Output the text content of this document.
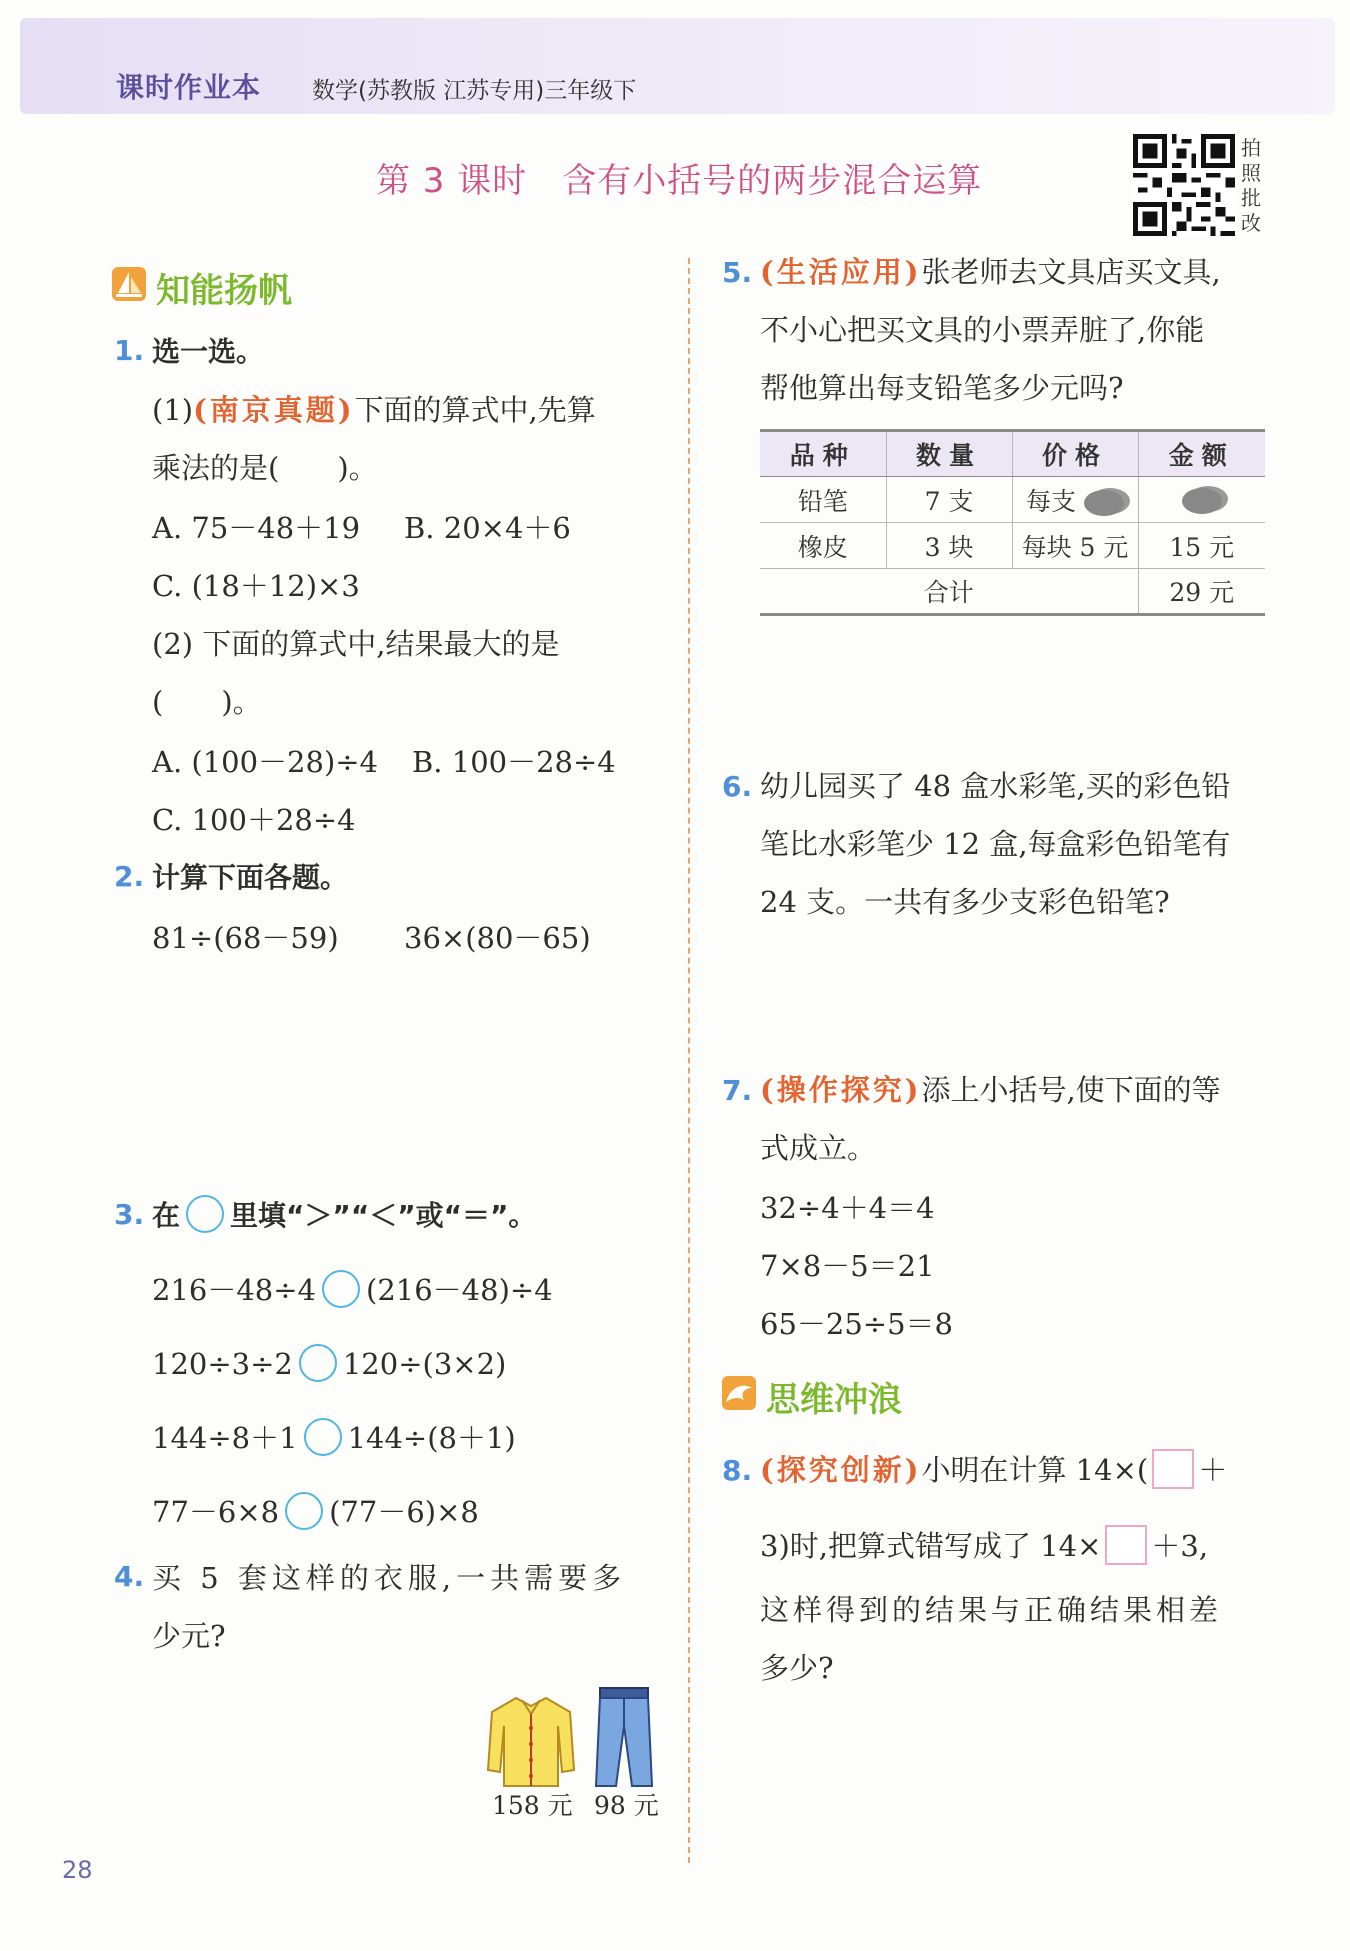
课时作业本 数学(苏教版 江苏专用)三年级下
第 3 课时　含有小括号的两步混合运算
拍
照
批
改
知能扬帆
1. 选一选。
(1)(南京真题)下面的算式中,先算
乘法的是(　　)。
A. 75－48＋19 B. 20×4＋6
C. (18＋12)×3
(2) 下面的算式中,结果最大的是
(　　)。
A. (100－28)÷4 B. 100－28÷4
C. 100＋28÷4
2. 计算下面各题。
81÷(68－59) 36×(80－65)
3. 在 里填“＞”“＜”或“＝”。
216－48÷4 (216－48)÷4
120÷3÷2 120÷(3×2)
144÷8＋1 144÷(8＋1)
77－6×8 (77－6)×8
4. 买 5 套这样的衣服,一共需要多
少元?
158 元 98 元
5. (生活应用)张老师去文具店买文具,
不小心把买文具的小票弄脏了,你能
帮他算出每支铅笔多少元吗?
品种	数量	价格	金额
铅笔	7 支	每支	
橡皮	3 块	每块 5 元	15 元
合计			29 元
6. 幼儿园买了 48 盒水彩笔,买的彩色铅
笔比水彩笔少 12 盒,每盒彩色铅笔有
24 支。一共有多少支彩色铅笔?
7. (操作探究)添上小括号,使下面的等
式成立。
32÷4＋4＝4
7×8－5＝21
65－25÷5＝8
思维冲浪
8. (探究创新)小明在计算 14×( ＋
3)时,把算式错写成了 14× ＋3,
这样得到的结果与正确结果相差
多少?
28
